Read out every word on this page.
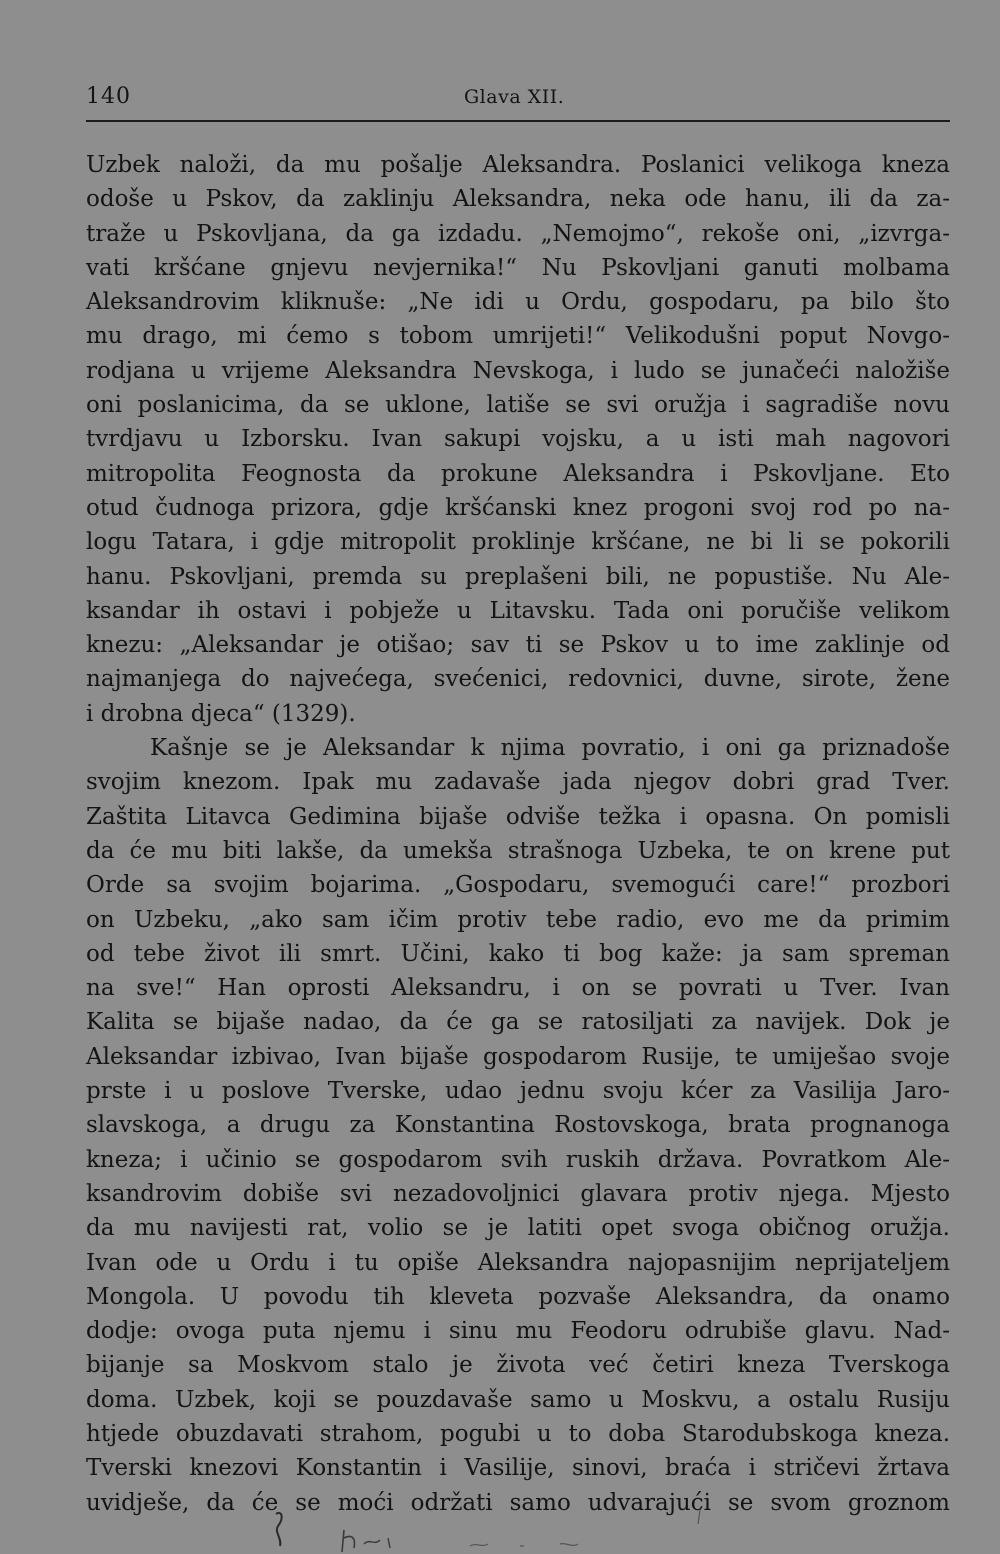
140	Glava XII.
Uzbek naloži, da mu pošalje Aleksandra. Poslanici velikoga kneza
odoše u Pskov, da zaklinju Aleksandra, neka ode hanu, ili da za-
traže u Pskovljana, da ga izdadu. „Nemojmo“, rekoše oni, „izvrga-
vati kršćane gnjevu nevjernika!“ Nu Pskovljani ganuti molbama
Aleksandrovim kliknuše: „Ne idi u Ordu, gospodaru, pa bilo što
mu drago, mi ćemo s tobom umrijeti!“ Velikodušni poput Novgo-
rodjana u vrijeme Aleksandra Nevskoga, i ludo se junačeći naložiše
oni poslanicima, da se uklone, latiše se svi oružja i sagradiše novu
tvrdjavu u Izborsku. Ivan sakupi vojsku, a u isti mah nagovori
mitropolita Feognosta da prokune Aleksandra i Pskovljane. Eto
otud čudnoga prizora, gdje kršćanski knez progoni svoj rod po na-
logu Tatara, i gdje mitropolit proklinje kršćane, ne bi li se pokorili
hanu. Pskovljani, premda su preplašeni bili, ne popustiše. Nu Ale-
ksandar ih ostavi i pobježe u Litavsku. Tada oni poručiše velikom
knezu: „Aleksandar je otišao; sav ti se Pskov u to ime zaklinje od
najmanjega do najvećega, svećenici, redovnici, duvne, sirote, žene
i drobna djeca“ (1329).
Kašnje se je Aleksandar k njima povratio, i oni ga priznadoše
svojim knezom. Ipak mu zadavaše jada njegov dobri grad Tver.
Zaštita Litavca Gedimina bijaše odviše težka i opasna. On pomisli
da će mu biti lakše, da umekša strašnoga Uzbeka, te on krene put
Orde sa svojim bojarima. „Gospodaru, svemogući care!“ prozbori
on Uzbeku, „ako sam ičim protiv tebe radio, evo me da primim
od tebe život ili smrt. Učini, kako ti bog kaže: ja sam spreman
na sve!“ Han oprosti Aleksandru, i on se povrati u Tver. Ivan
Kalita se bijaše nadao, da će ga se ratosiljati za navijek. Dok je
Aleksandar izbivao, Ivan bijaše gospodarom Rusije, te umiješao svoje
prste i u poslove Tverske, udao jednu svoju kćer za Vasilija Jaro-
slavskoga, a drugu za Konstantina Rostovskoga, brata prognanoga
kneza; i učinio se gospodarom svih ruskih država. Povratkom Ale-
ksandrovim dobiše svi nezadovoljnici glavara protiv njega. Mjesto
da mu navijesti rat, volio se je latiti opet svoga običnog oružja.
Ivan ode u Ordu i tu opiše Aleksandra najopasnijim neprijateljem
Mongola. U povodu tih kleveta pozvaše Aleksandra, da onamo
dodje: ovoga puta njemu i sinu mu Feodoru odrubiše glavu. Nad-
bijanje sa Moskvom stalo je života već četiri kneza Tverskoga
doma. Uzbek, koji se pouzdavaše samo u Moskvu, a ostalu Rusiju
htjede obuzdavati strahom, pogubi u to doba Starodubskoga kneza.
Tverski knezovi Konstantin i Vasilije, sinovi, braća i stričevi žrtava
uvidješe, da će se moći održati samo udvarajući se svom groznom
